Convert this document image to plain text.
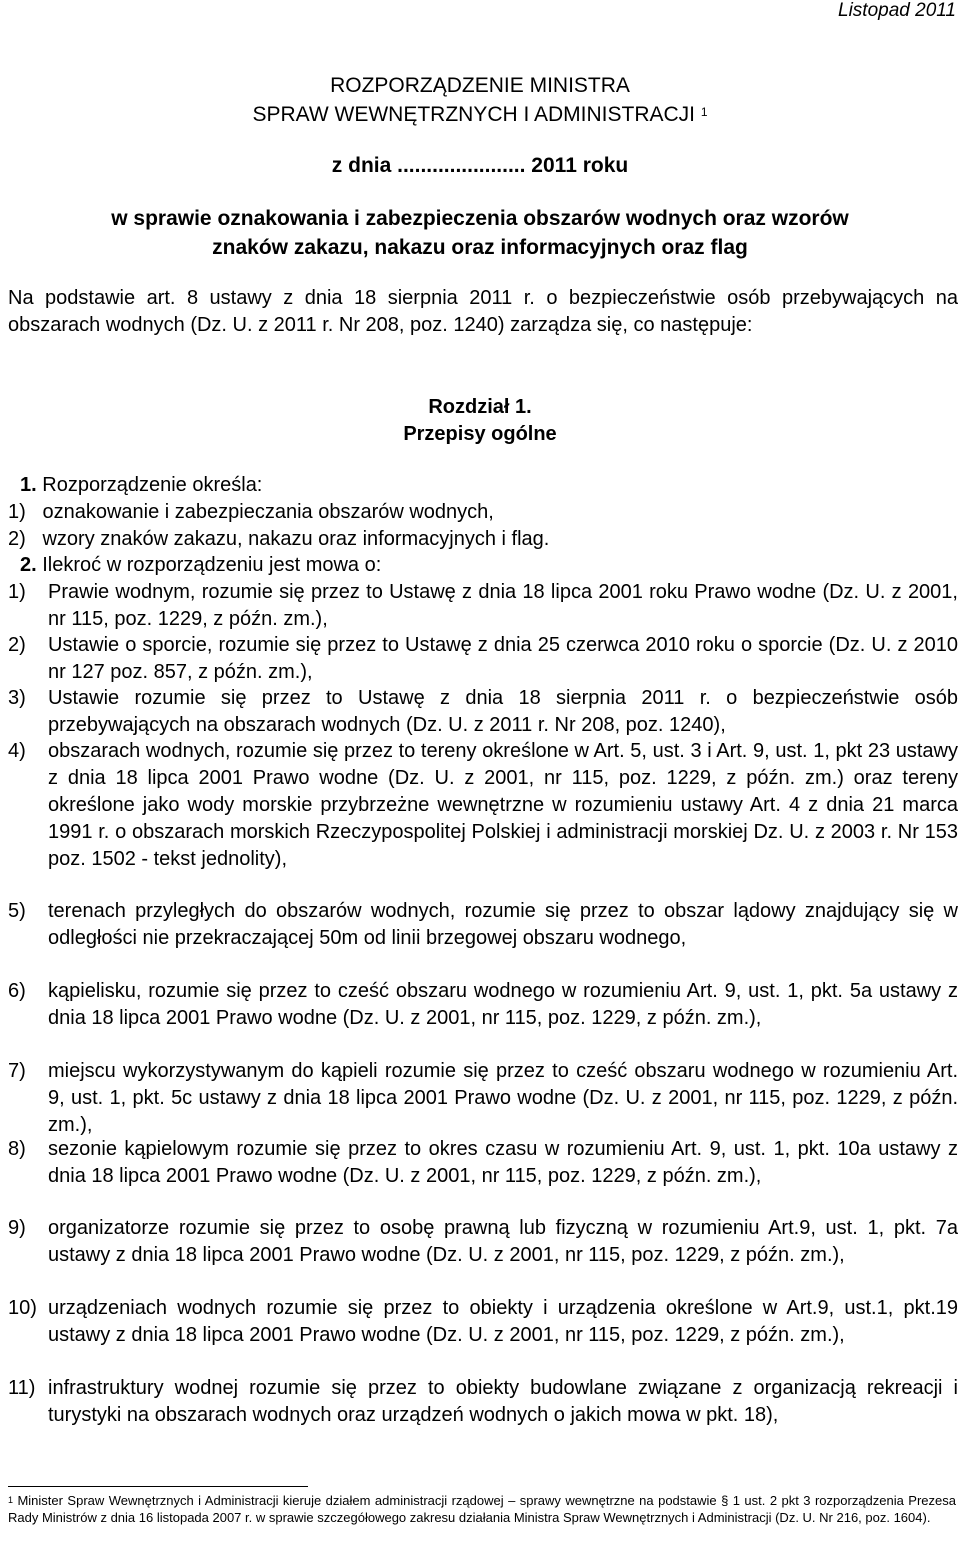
Listopad 2011
ROZPORZĄDZENIE MINISTRA
SPRAW WEWNĘTRZNYCH I ADMINISTRACJI $^1$
z dnia ...................... 2011 roku
w sprawie oznakowania i zabezpieczenia obszarów wodnych oraz wzorów znaków zakazu, nakazu oraz informacyjnych oraz flag
Na podstawie art. 8 ustawy z dnia 18 sierpnia 2011 r. o bezpieczeństwie osób przebywających na obszarach wodnych (Dz. U. z 2011 r. Nr 208, poz. 1240) zarządza się, co następuje:
Rozdział 1.
Przepisy ogólne
1. Rozporządzenie określa:
1) oznakowanie i zabezpieczania obszarów wodnych,
2) wzory znaków zakazu, nakazu oraz informacyjnych i flag.
2. Ilekroć w rozporządzeniu jest mowa o:
1) Prawie wodnym, rozumie się przez to Ustawę z dnia 18 lipca 2001 roku Prawo wodne (Dz. U. z 2001, nr 115, poz. 1229, z późn. zm.),
2) Ustawie o sporcie, rozumie się przez to Ustawę z dnia 25 czerwca 2010 roku o sporcie (Dz. U. z 2010 nr 127 poz. 857, z późn. zm.),
3) Ustawie rozumie się przez to Ustawę z dnia 18 sierpnia 2011 r. o bezpieczeństwie osób przebywających na obszarach wodnych (Dz. U. z 2011 r. Nr 208, poz. 1240),
4) obszarach wodnych, rozumie się przez to tereny określone w Art. 5, ust. 3 i Art. 9, ust. 1, pkt 23 ustawy z dnia 18 lipca 2001 Prawo wodne (Dz. U. z 2001, nr 115, poz. 1229, z późn. zm.) oraz tereny określone jako wody morskie przybrzeżne wewnętrzne w rozumieniu ustawy Art. 4 z dnia 21 marca 1991 r. o obszarach morskich Rzeczypospolitej Polskiej i administracji morskiej Dz. U. z 2003 r. Nr 153 poz. 1502 - tekst jednolity),
5) terenach przyległych do obszarów wodnych, rozumie się przez to obszar lądowy znajdujący się w odległości nie przekraczającej 50m od linii brzegowej obszaru wodnego,
6) kąpielisku, rozumie się przez to cześć obszaru wodnego w rozumieniu Art. 9, ust. 1, pkt. 5a ustawy z dnia 18 lipca 2001 Prawo wodne (Dz. U. z 2001, nr 115, poz. 1229, z późn. zm.),
7) miejscu wykorzystywanym do kąpieli rozumie się przez to cześć obszaru wodnego w rozumieniu Art. 9, ust. 1, pkt. 5c ustawy z dnia 18 lipca 2001 Prawo wodne (Dz. U. z 2001, nr 115, poz. 1229, z późn. zm.),
8) sezonie kąpielowym rozumie się przez to okres czasu w rozumieniu Art. 9, ust. 1, pkt. 10a ustawy z dnia 18 lipca 2001 Prawo wodne (Dz. U. z 2001, nr 115, poz. 1229, z późn. zm.),
9) organizatorze rozumie się przez to osobę prawną lub fizyczną w rozumieniu Art.9, ust. 1, pkt. 7a ustawy z dnia 18 lipca 2001 Prawo wodne (Dz. U. z 2001, nr 115, poz. 1229, z późn. zm.),
10) urządzeniach wodnych rozumie się przez to obiekty i urządzenia określone w Art.9, ust.1, pkt.19 ustawy z dnia 18 lipca 2001 Prawo wodne (Dz. U. z 2001, nr 115, poz. 1229, z późn. zm.),
11) infrastruktury wodnej rozumie się przez to obiekty budowlane związane z organizacją rekreacji i turystyki na obszarach wodnych oraz urządzeń wodnych o jakich mowa w pkt. 18),
$^1$ Minister Spraw Wewnętrznych i Administracji kieruje działem administracji rządowej – sprawy wewnętrzne na podstawie § 1 ust. 2 pkt 3 rozporządzenia Prezesa Rady Ministrów z dnia 16 listopada 2007 r. w sprawie szczegółowego zakresu działania Ministra Spraw Wewnętrznych i Administracji (Dz. U. Nr 216, poz. 1604).
